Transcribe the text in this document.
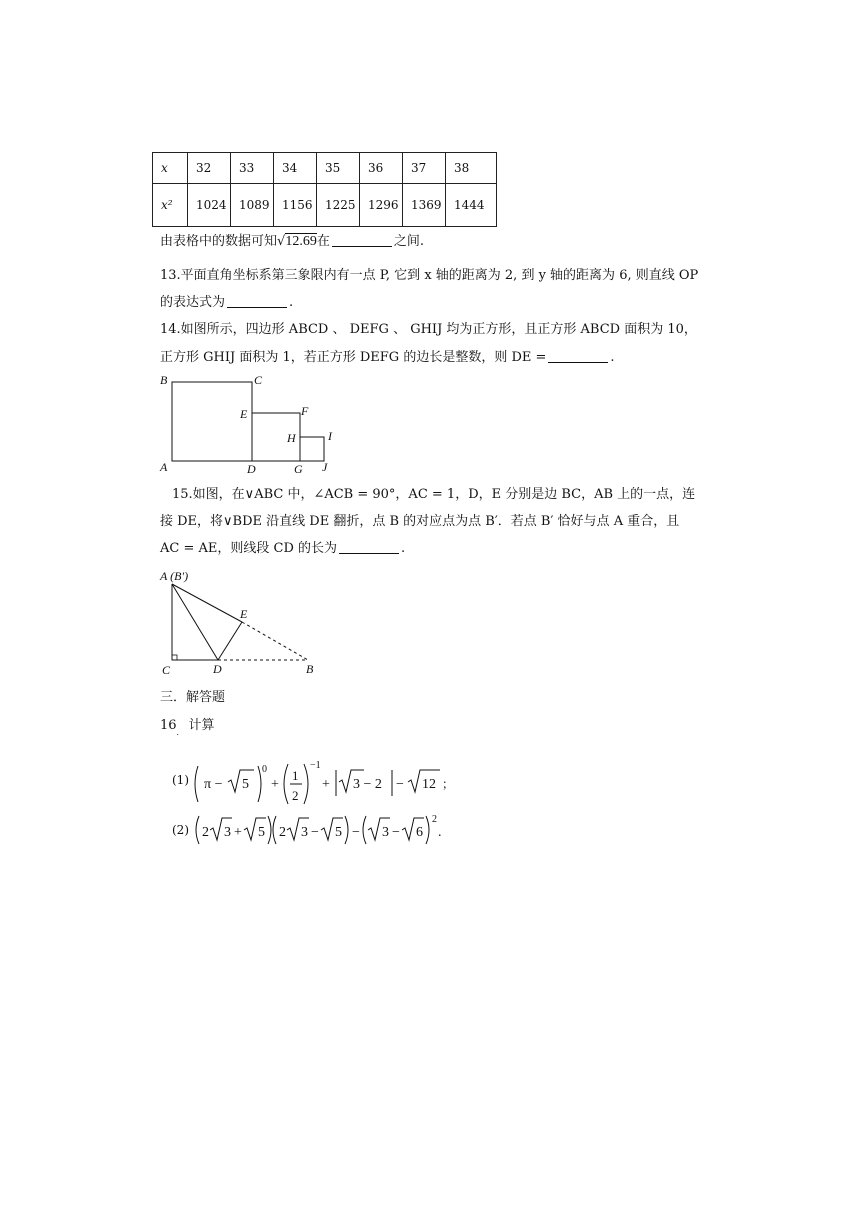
x	32	33	34	35	36	37	38
x²	1024	1089	1156	1225	1296	1369	1444
由表格中的数据可知√12.69在	之间.
13.平面直角坐标系第三象限内有一点 P, 它到 x 轴的距离为 2, 到 y 轴的距离为 6, 则直线 OP
的表达式为	.
14.如图所示，四边形 ABCD 、 DEFG 、 GHIJ 均为正方形，且正方形 ABCD 面积为 10，
正方形 GHIJ 面积为 1，若正方形 DEFG 的边长是整数，则 DE =	.
B	C
E	F
H	I
A	D	G J
15.如图，在∨ABC 中，∠ACB = 90°，AC = 1，D，E 分别是边 BC，AB 上的一点，连
接 DE，将∨BDE 沿直线 DE 翻折，点 B 的对应点为点 B′．若点 B′ 恰好与点 A 重合，且
AC = AE，则线段 CD 的长为	.
A (B′)
E
C	D	B
三．解答题
$16_.$ 计算
(1) π − 5
0
+
1
2
−1
+ 3 − 2 − 12 ；
(2) 2 3 + 5 2 3 − 5 − 3 − 6
2
.
